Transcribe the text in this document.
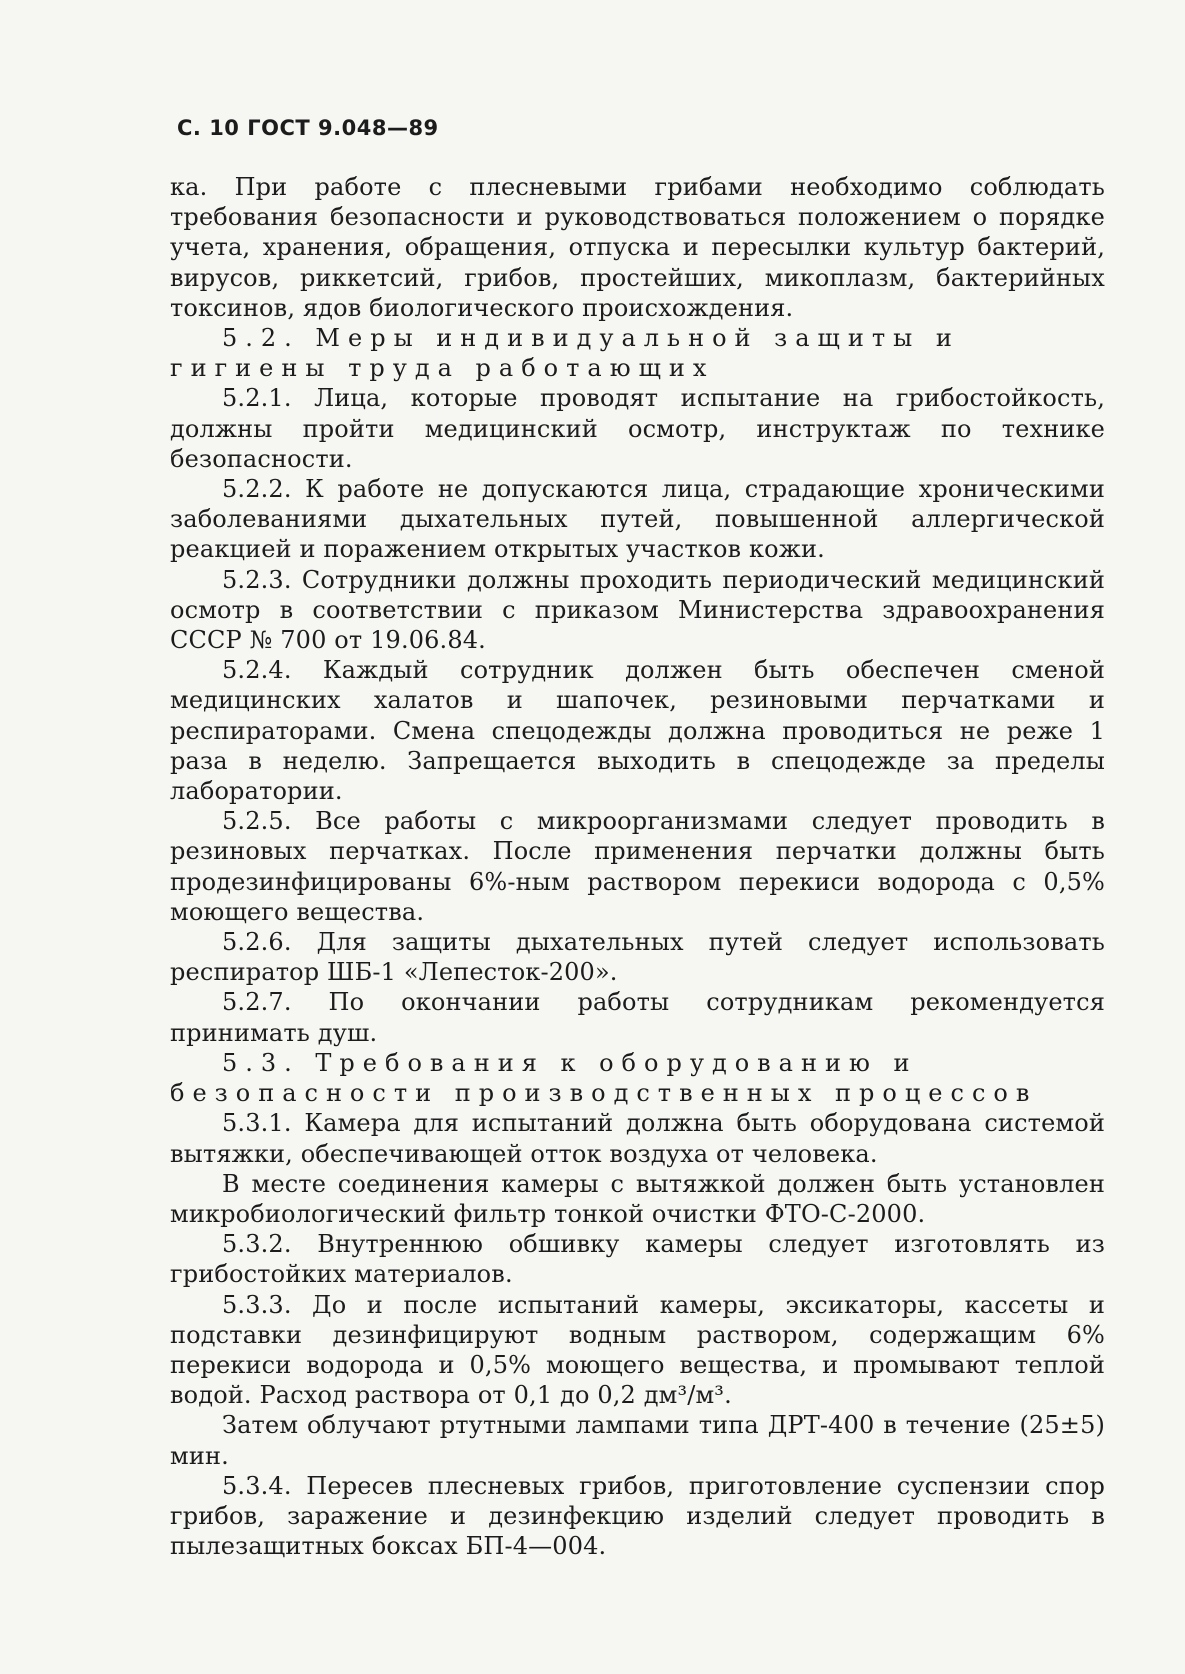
С. 10 ГОСТ 9.048—89

ка. При работе с плесневыми грибами необходимо соблюдать требования безопасности и руководствоваться положением о порядке учета, хранения, обращения, отпуска и пересылки культур бактерий, вирусов, риккетсий, грибов, простейших, микоплазм, бактерийных токсинов, ядов биологического происхождения.

5.2. Меры индивидуальной защиты и гигиены труда работающих

5.2.1. Лица, которые проводят испытание на грибостойкость, должны пройти медицинский осмотр, инструктаж по технике безопасности.

5.2.2. К работе не допускаются лица, страдающие хроническими заболеваниями дыхательных путей, повышенной аллергической реакцией и поражением открытых участков кожи.

5.2.3. Сотрудники должны проходить периодический медицинский осмотр в соответствии с приказом Министерства здравоохранения СССР № 700 от 19.06.84.

5.2.4. Каждый сотрудник должен быть обеспечен сменой медицинских халатов и шапочек, резиновыми перчатками и респираторами. Смена спецодежды должна проводиться не реже 1 раза в неделю. Запрещается выходить в спецодежде за пределы лаборатории.

5.2.5. Все работы с микроорганизмами следует проводить в резиновых перчатках. После применения перчатки должны быть продезинфицированы 6%-ным раствором перекиси водорода с 0,5% моющего вещества.

5.2.6. Для защиты дыхательных путей следует использовать респиратор ШБ-1 «Лепесток-200».

5.2.7. По окончании работы сотрудникам рекомендуется принимать душ.

5.3. Требования к оборудованию и безопасности производственных процессов

5.3.1. Камера для испытаний должна быть оборудована системой вытяжки, обеспечивающей отток воздуха от человека.

В месте соединения камеры с вытяжкой должен быть установлен микробиологический фильтр тонкой очистки ФТО-С-2000.

5.3.2. Внутреннюю обшивку камеры следует изготовлять из грибостойких материалов.

5.3.3. До и после испытаний камеры, эксикаторы, кассеты и подставки дезинфицируют водным раствором, содержащим 6% перекиси водорода и 0,5% моющего вещества, и промывают теплой водой. Расход раствора от 0,1 до 0,2 дм³/м³.

Затем облучают ртутными лампами типа ДРТ-400 в течение (25±5) мин.

5.3.4. Пересев плесневых грибов, приготовление суспензии спор грибов, заражение и дезинфекцию изделий следует проводить в пылезащитных боксах БП-4—004.
